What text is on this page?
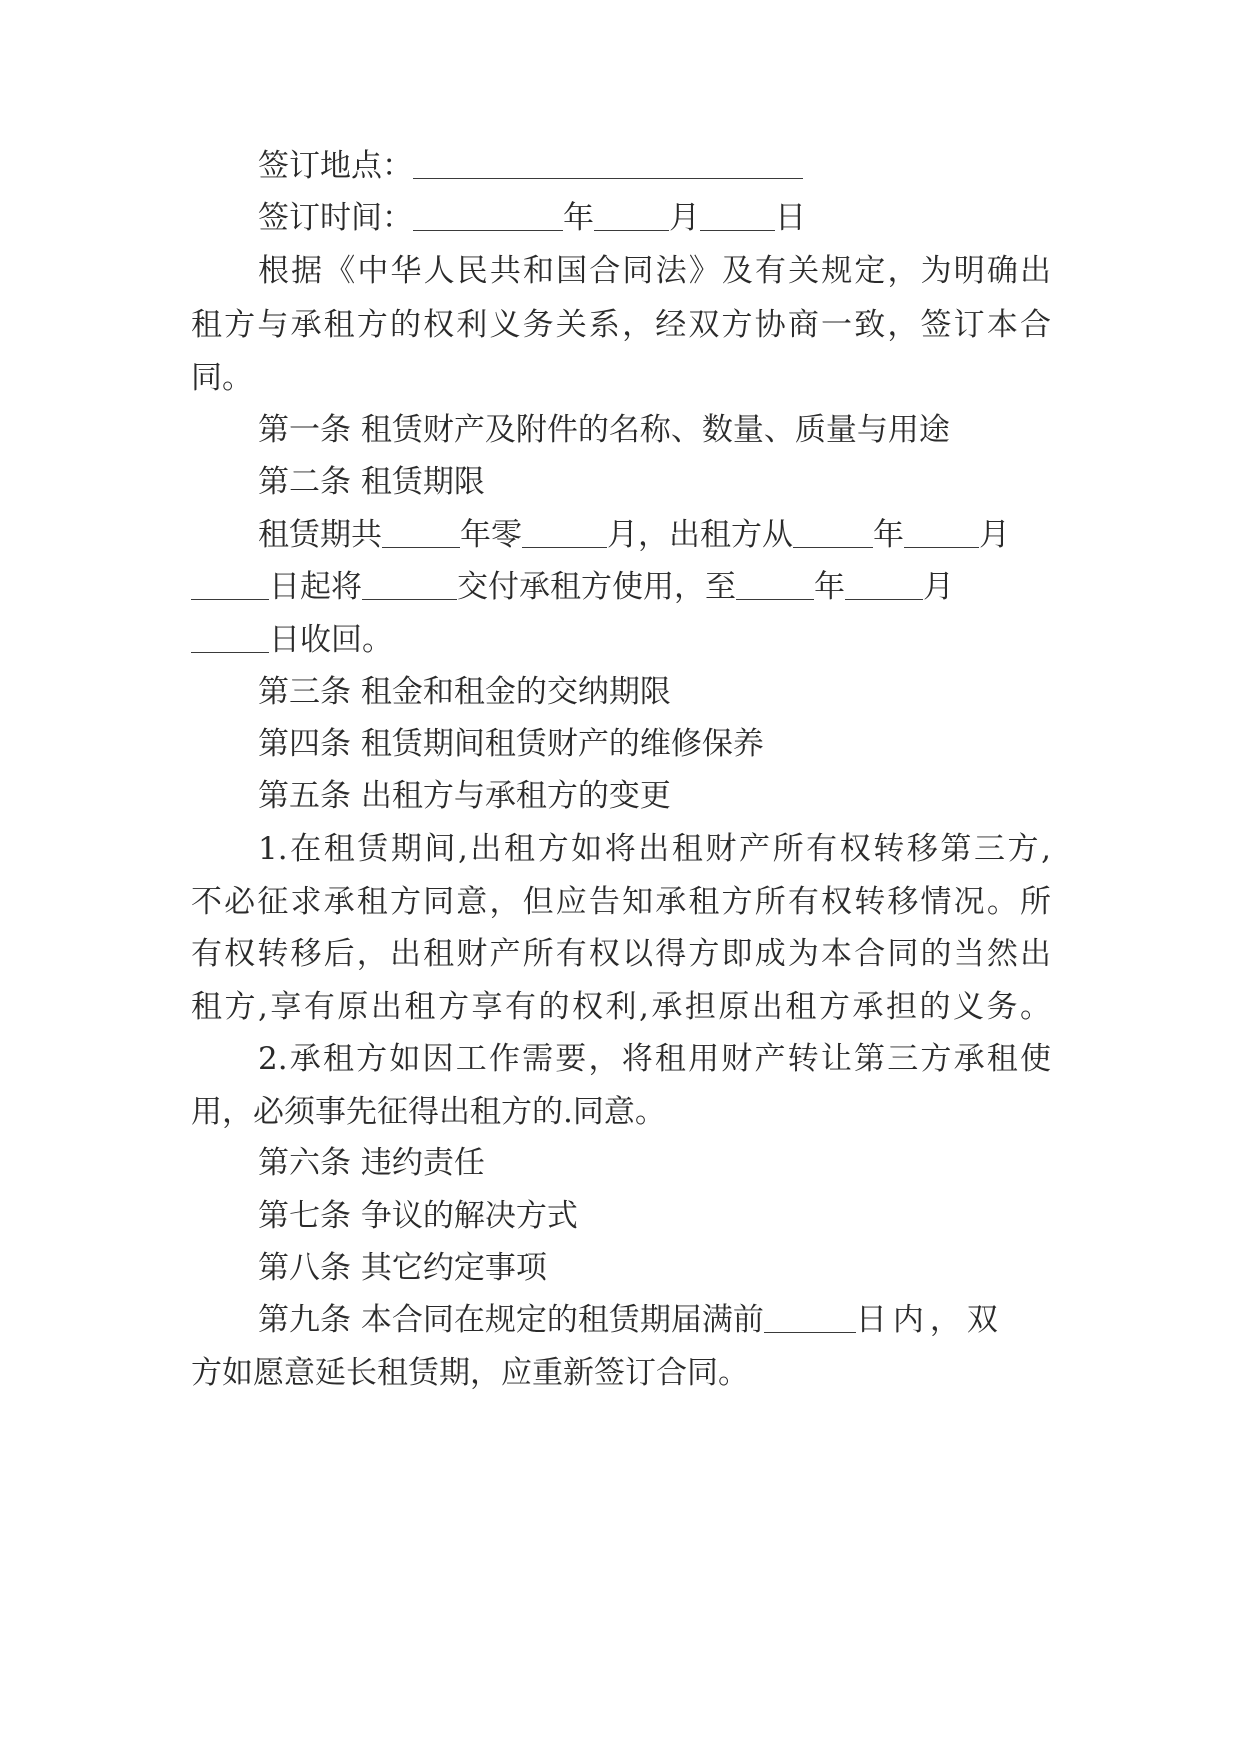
签订地点：
签订时间：	年 月 日
根据《中华人民共和国合同法》及有关规定，为明确出
租方与承租方的权利义务关系，经双方协商一致，签订本合
同。
第一条 租赁财产及附件的名称、数量、质量与用途
第二条 租赁期限
租赁期共	年零	月，出租方从	年 月
日起将	交付承租方使用，至	年	月
日收回。
第三条 租金和租金的交纳期限
第四条 租赁期间租赁财产的维修保养
第五条 出租方与承租方的变更
1.在租赁期间,出租方如将出租财产所有权转移第三方,
不必征求承租方同意，但应告知承租方所有权转移情况。所
有权转移后，出租财产所有权以得方即成为本合同的当然出
租方,享有原出租方享有的权利,承担原出租方承担的义务。
2.承租方如因工作需要，将租用财产转让第三方承租使
用，必须事先征得出租方的.同意。
第六条 违约责任
第七条 争议的解决方式
第八条 其它约定事项
第九条 本合同在规定的租赁期届满前	日内，双
方如愿意延长租赁期，应重新签订合同。
